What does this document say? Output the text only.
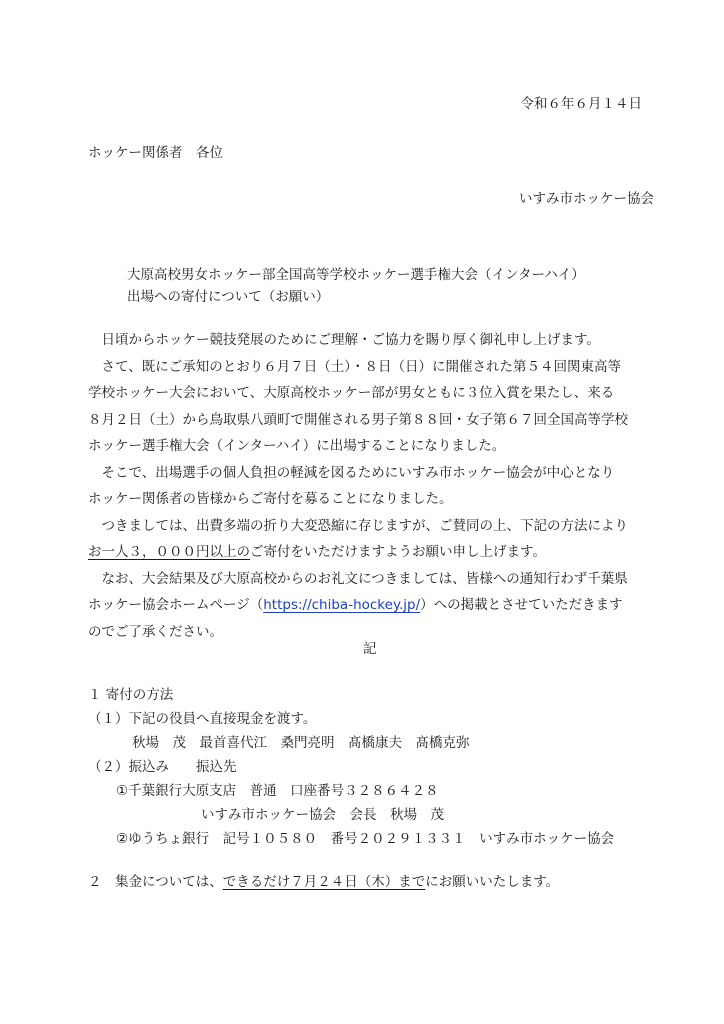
令和６年６月１４日
ホッケー関係者　各位
いすみ市ホッケー協会
大原高校男女ホッケー部全国高等学校ホッケー選手権大会（インターハイ）
出場への寄付について（お願い）
　日頃からホッケー競技発展のためにご理解・ご協力を賜り厚く御礼申し上げます。
　さて、既にご承知のとおり６月７日（土）・８日（日）に開催された第５４回関東高等
学校ホッケー大会において、大原高校ホッケー部が男女ともに３位入賞を果たし、来る
８月２日（土）から鳥取県八頭町で開催される男子第８８回・女子第６７回全国高等学校
ホッケー選手権大会（インターハイ）に出場することになりました。
　そこで、出場選手の個人負担の軽減を図るためにいすみ市ホッケー協会が中心となり
ホッケー関係者の皆様からご寄付を募ることになりました。
　つきましては、出費多端の折り大変恐縮に存じますが、ご賛同の上、下記の方法により
お一人３，０００円以上のご寄付をいただけますようお願い申し上げます。
　なお、大会結果及び大原高校からのお礼文につきましては、皆様への通知行わず千葉県
ホッケー協会ホームページ（https://chiba-hockey.jp/）への掲載とさせていただきます
のでご了承ください。
記
１ 寄付の方法
（１）下記の役員へ直接現金を渡す。
秋場　茂　最首喜代江　桑門亮明　髙橋康夫　髙橋克弥
（２）振込み　　振込先
①千葉銀行大原支店　普通　口座番号３２８６４２８
いすみ市ホッケー協会　会長　秋場　茂
②ゆうちょ銀行　記号１０５８０　番号２０２９１３３１　いすみ市ホッケー協会
２　集金については、できるだけ７月２４日（木）までにお願いいたします。
